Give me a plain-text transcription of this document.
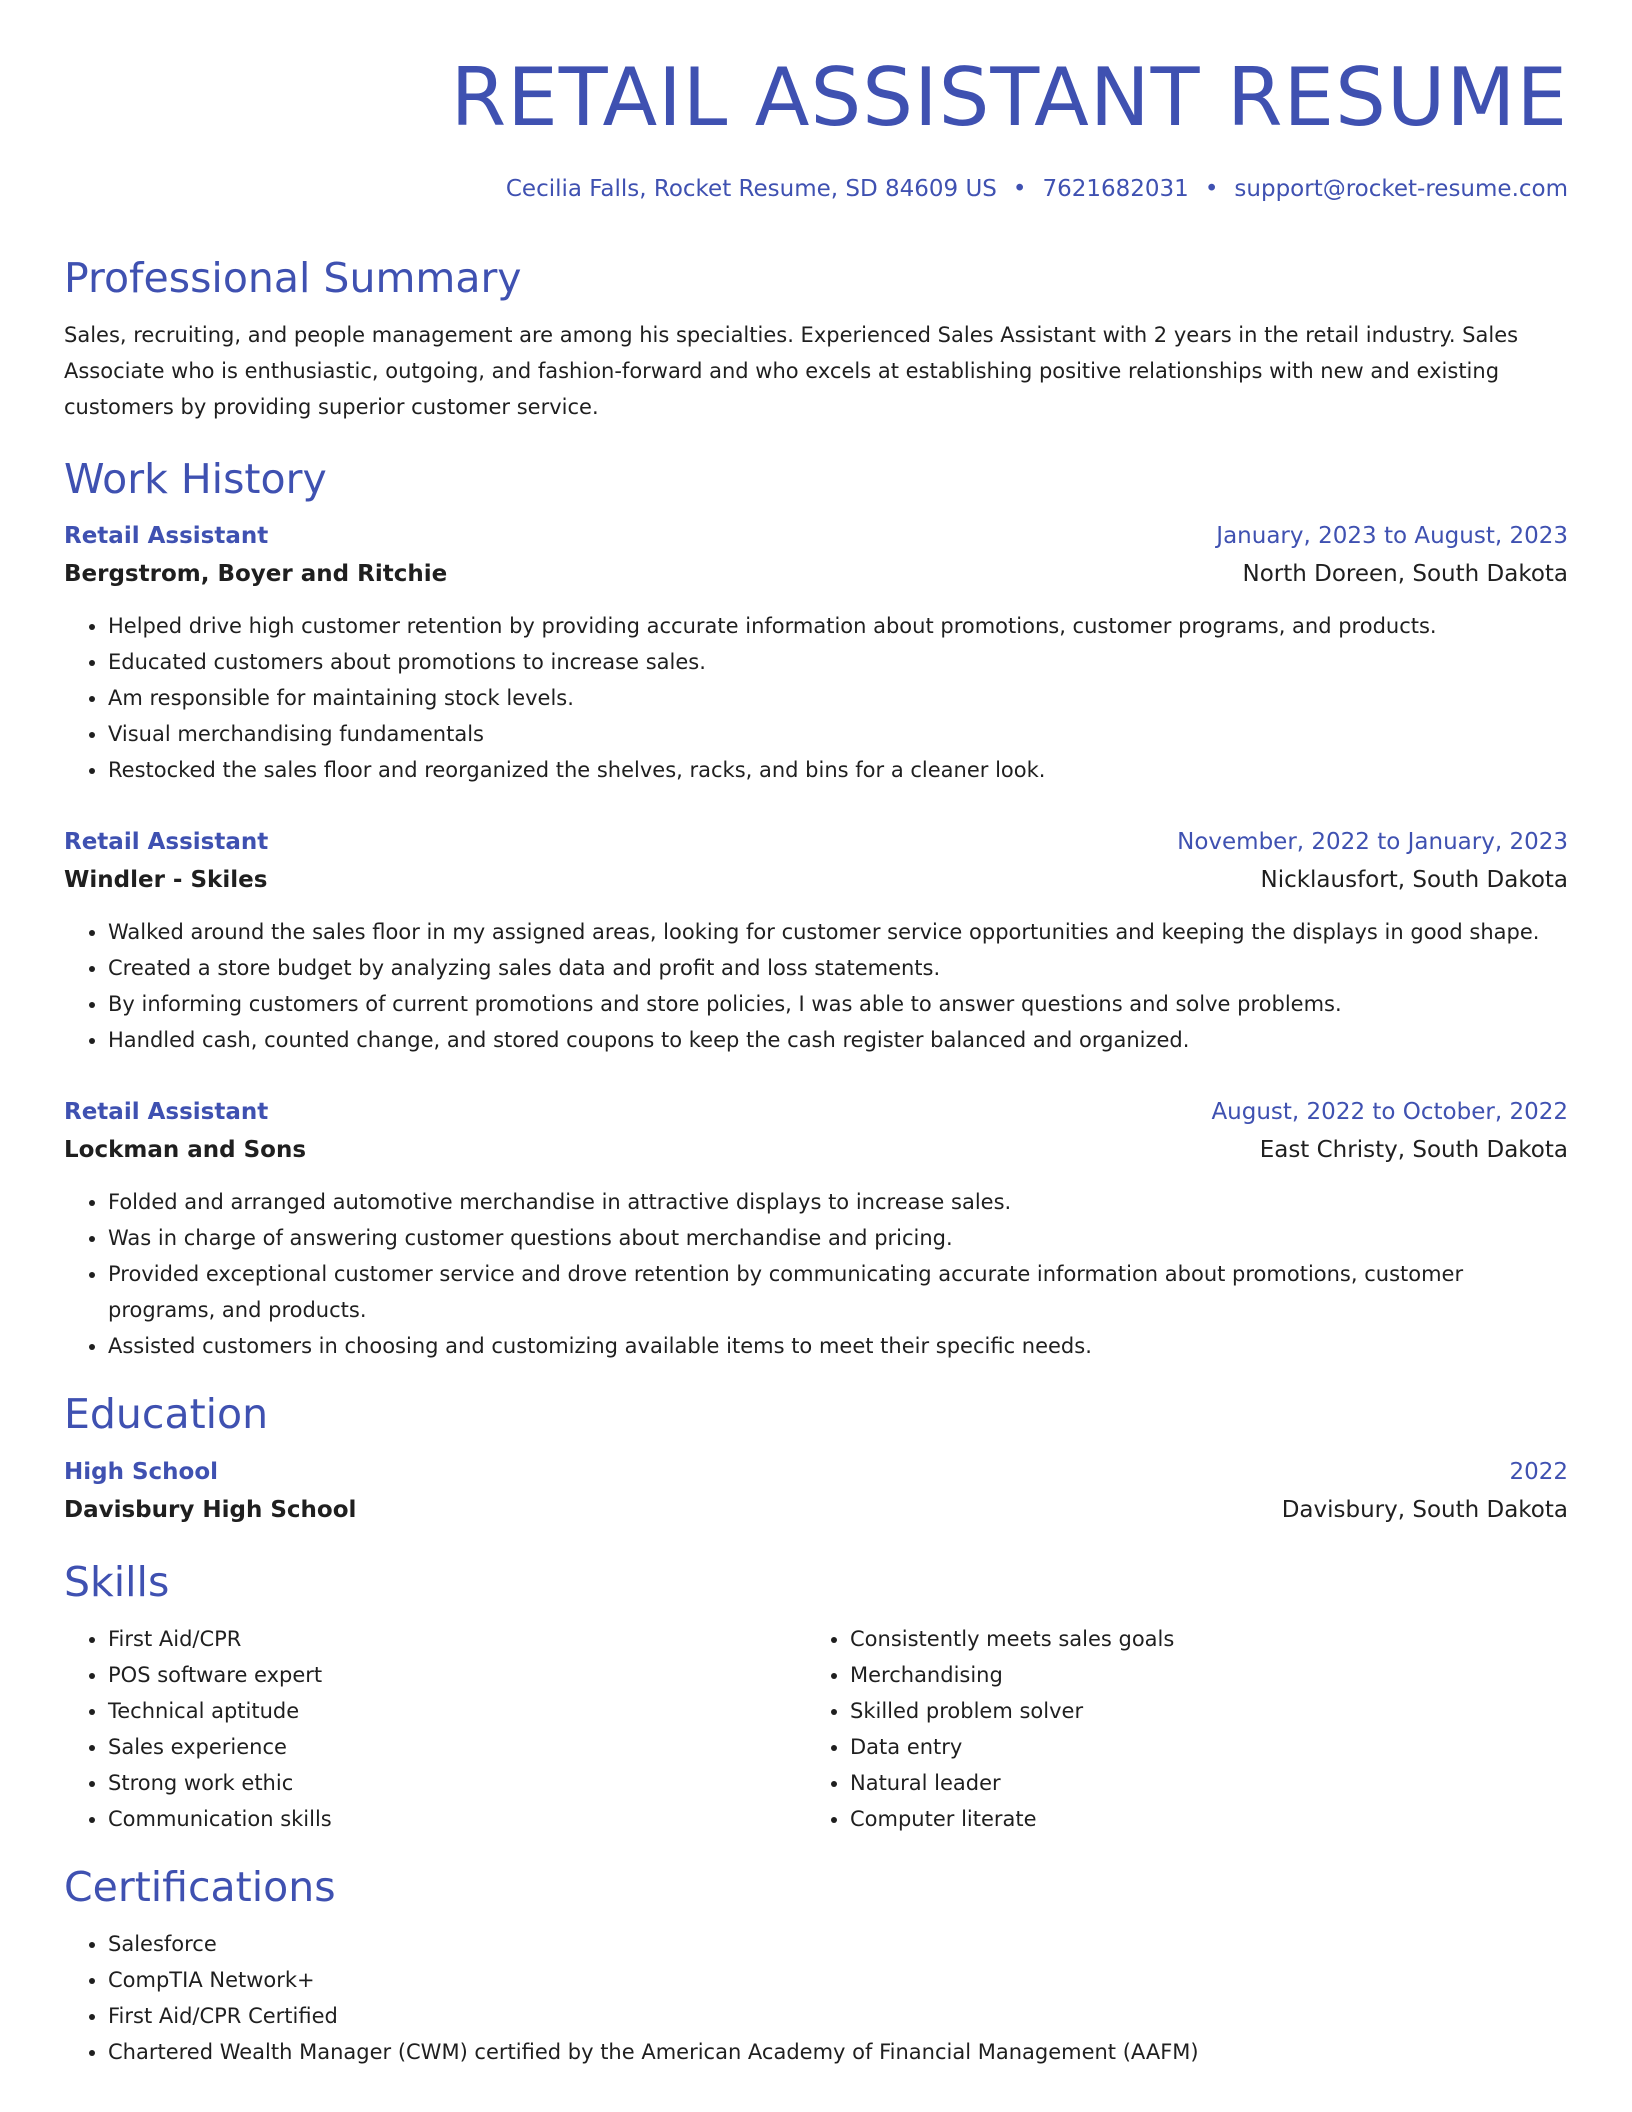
RETAIL ASSISTANT RESUME
Cecilia Falls, Rocket Resume, SD 84609 US • 7621682031 • support@rocket-resume.com
Professional Summary
Sales, recruiting, and people management are among his specialties. Experienced Sales Assistant with 2 years in the retail industry. Sales Associate who is enthusiastic, outgoing, and fashion-forward and who excels at establishing positive relationships with new and existing customers by providing superior customer service.
Work History
Retail Assistant	January, 2023 to August, 2023
Bergstrom, Boyer and Ritchie	North Doreen, South Dakota
• Helped drive high customer retention by providing accurate information about promotions, customer programs, and products.
• Educated customers about promotions to increase sales.
• Am responsible for maintaining stock levels.
• Visual merchandising fundamentals
• Restocked the sales floor and reorganized the shelves, racks, and bins for a cleaner look.
Retail Assistant	November, 2022 to January, 2023
Windler - Skiles	Nicklausfort, South Dakota
• Walked around the sales floor in my assigned areas, looking for customer service opportunities and keeping the displays in good shape.
• Created a store budget by analyzing sales data and profit and loss statements.
• By informing customers of current promotions and store policies, I was able to answer questions and solve problems.
• Handled cash, counted change, and stored coupons to keep the cash register balanced and organized.
Retail Assistant	August, 2022 to October, 2022
Lockman and Sons	East Christy, South Dakota
• Folded and arranged automotive merchandise in attractive displays to increase sales.
• Was in charge of answering customer questions about merchandise and pricing.
• Provided exceptional customer service and drove retention by communicating accurate information about promotions, customer programs, and products.
• Assisted customers in choosing and customizing available items to meet their specific needs.
Education
High School	2022
Davisbury High School	Davisbury, South Dakota
Skills
• First Aid/CPR
• POS software expert
• Technical aptitude
• Sales experience
• Strong work ethic
• Communication skills
• Consistently meets sales goals
• Merchandising
• Skilled problem solver
• Data entry
• Natural leader
• Computer literate
Certifications
• Salesforce
• CompTIA Network+
• First Aid/CPR Certified
• Chartered Wealth Manager (CWM) certified by the American Academy of Financial Management (AAFM)
